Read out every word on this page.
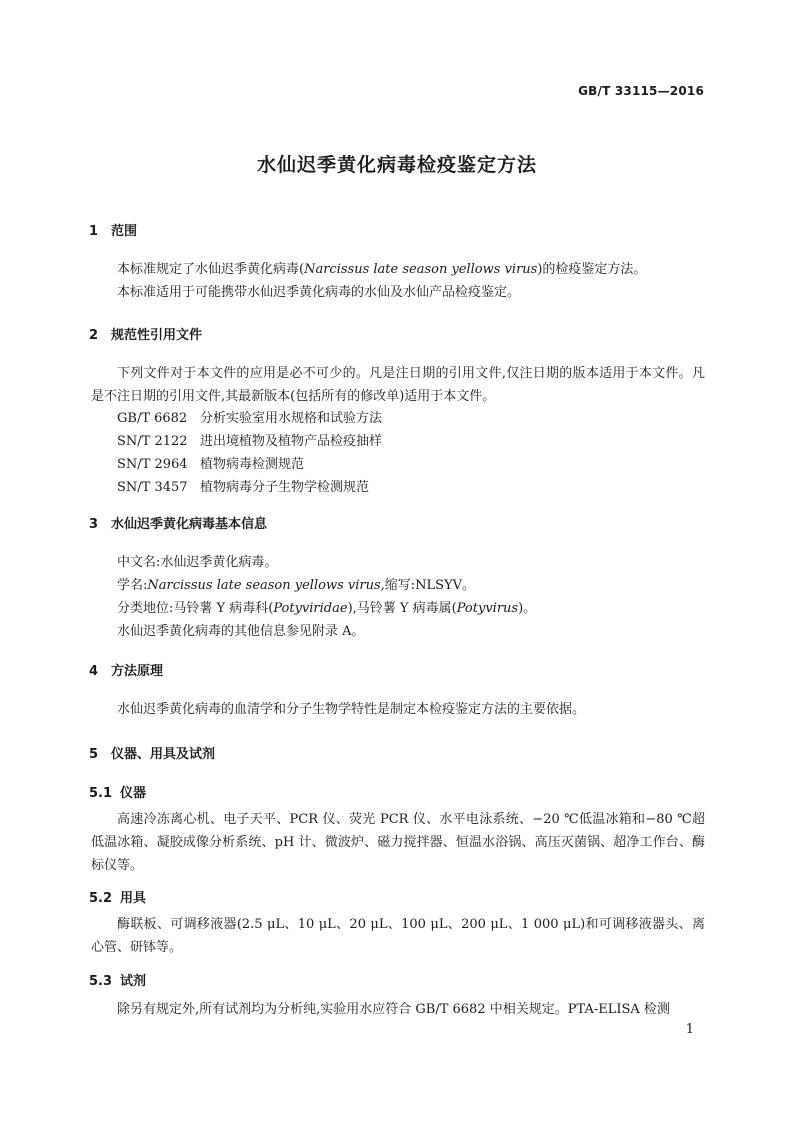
GB/T 33115—2016
水仙迟季黄化病毒检疫鉴定方法
1 范围

本标准规定了水仙迟季黄化病毒(Narcissus late season yellows virus)的检疫鉴定方法。

本标准适用于可能携带水仙迟季黄化病毒的水仙及水仙产品检疫鉴定。

2 规范性引用文件

下列文件对于本文件的应用是必不可少的。凡是注日期的引用文件,仅注日期的版本适用于本文件。凡是不注日期的引用文件,其最新版本(包括所有的修改单)适用于本文件。

GB/T 6682 分析实验室用水规格和试验方法
SN/T 2122 进出境植物及植物产品检疫抽样
SN/T 2964 植物病毒检测规范
SN/T 3457 植物病毒分子生物学检测规范
3 水仙迟季黄化病毒基本信息

中文名:水仙迟季黄化病毒。

学名:Narcissus late season yellows virus,缩写:NLSYV。

分类地位:马铃薯 Y 病毒科(Potyviridae),马铃薯 Y 病毒属(Potyvirus)。

水仙迟季黄化病毒的其他信息参见附录 A。

4 方法原理

水仙迟季黄化病毒的血清学和分子生物学特性是制定本检疫鉴定方法的主要依据。

5 仪器、用具及试剂
5.1 仪器

高速冷冻离心机、电子天平、PCR 仪、荧光 PCR 仪、水平电泳系统、−20 ℃低温冰箱和−80 ℃超低温冰箱、凝胶成像分析系统、pH 计、微波炉、磁力搅拌器、恒温水浴锅、高压灭菌锅、超净工作台、酶标仪等。

5.2 用具

酶联板、可调移液器(2.5 μL、10 μL、20 μL、100 μL、200 μL、1 000 μL)和可调移液器头、离心管、研钵等。

5.3 试剂

除另有规定外,所有试剂均为分析纯,实验用水应符合 GB/T 6682 中相关规定。PTA-ELISA 检测

1
